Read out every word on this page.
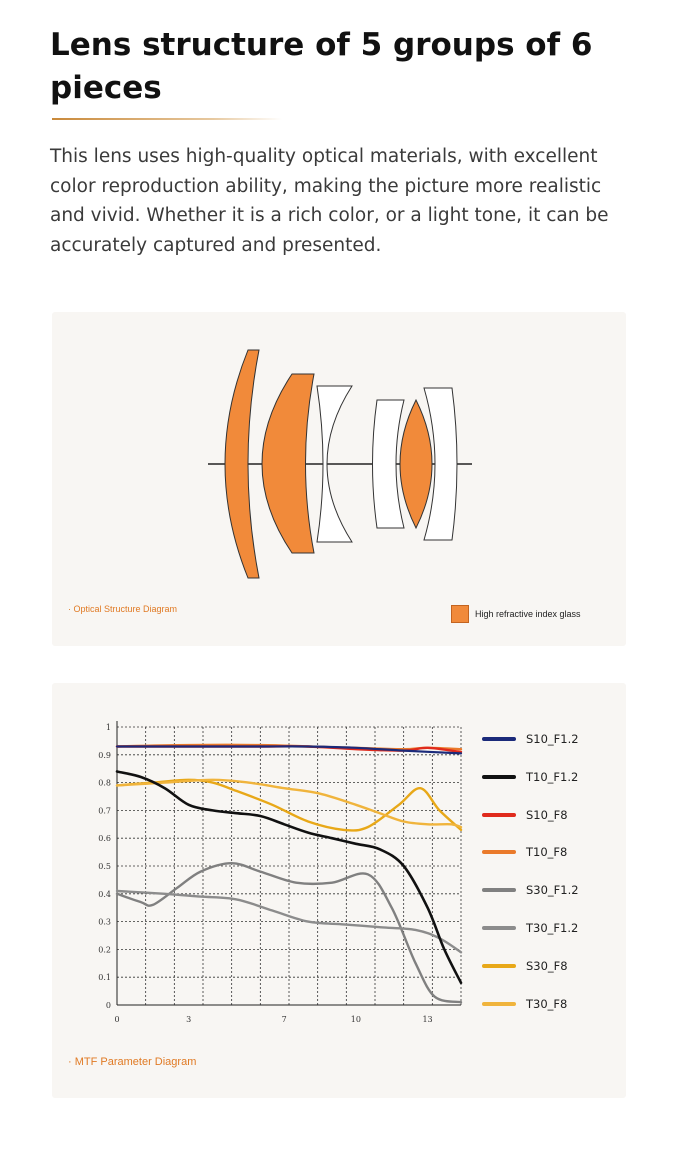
Lens structure of 5 groups of 6 pieces

This lens uses high-quality optical materials, with excellent color reproduction ability, making the picture more realistic and vivid. Whether it is a rich color, or a light tone, it can be accurately captured and presented.

· Optical Structure Diagram	High refractive index glass
0
0.1
0.2
0.3
0.4
0.5
0.6
0.7
0.8
0.9
1
0	3	7	10	13
S10_F1.2
T10_F1.2
S10_F8
T10_F8
S30_F1.2
T30_F1.2
S30_F8
T30_F8
· MTF Parameter Diagram
